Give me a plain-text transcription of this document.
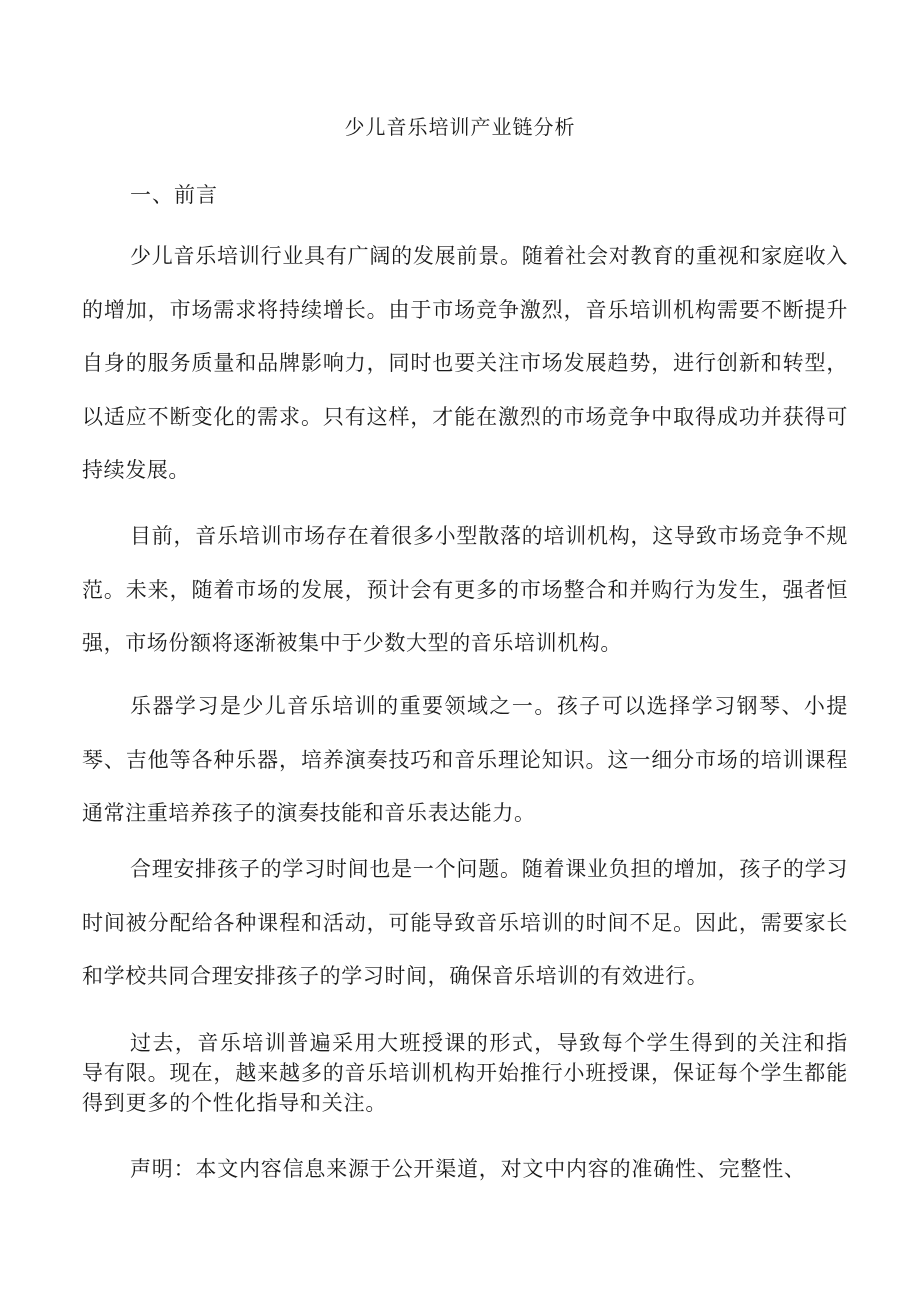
少儿音乐培训产业链分析
一、前言

少儿音乐培训行业具有广阔的发展前景。随着社会对教育的重视和家庭收入的增加，市场需求将持续增长。由于市场竞争激烈，音乐培训机构需要不断提升自身的服务质量和品牌影响力，同时也要关注市场发展趋势，进行创新和转型，以适应不断变化的需求。只有这样，才能在激烈的市场竞争中取得成功并获得可持续发展。

目前，音乐培训市场存在着很多小型散落的培训机构，这导致市场竞争不规范。未来，随着市场的发展，预计会有更多的市场整合和并购行为发生，强者恒强，市场份额将逐渐被集中于少数大型的音乐培训机构。

乐器学习是少儿音乐培训的重要领域之一。孩子可以选择学习钢琴、小提琴、吉他等各种乐器，培养演奏技巧和音乐理论知识。这一细分市场的培训课程通常注重培养孩子的演奏技能和音乐表达能力。

合理安排孩子的学习时间也是一个问题。随着课业负担的增加，孩子的学习时间被分配给各种课程和活动，可能导致音乐培训的时间不足。因此，需要家长和学校共同合理安排孩子的学习时间，确保音乐培训的有效进行。

过去，音乐培训普遍采用大班授课的形式，导致每个学生得到的关注和指导有限。现在，越来越多的音乐培训机构开始推行小班授课，保证每个学生都能得到更多的个性化指导和关注。

声明：本文内容信息来源于公开渠道，对文中内容的准确性、完整性、
